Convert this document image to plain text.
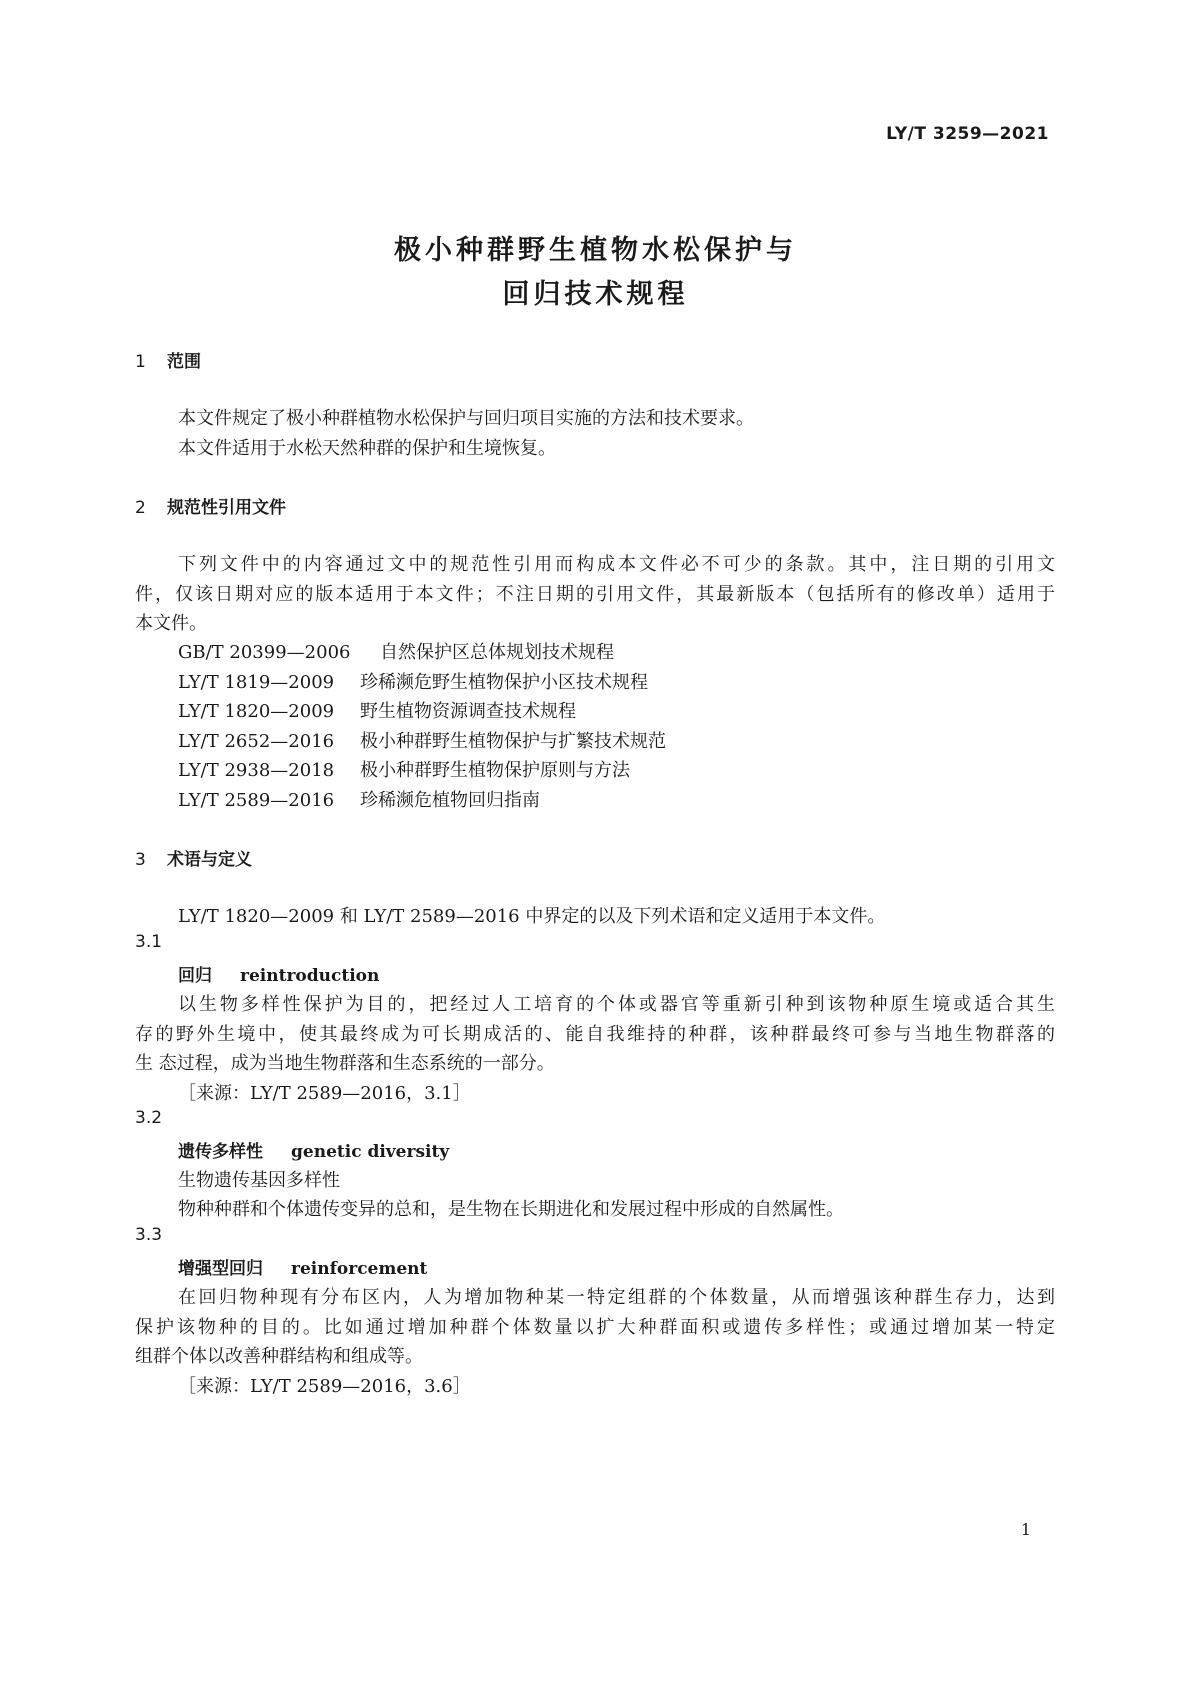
LY/T 3259—2021
极小种群野生植物水松保护与
回归技术规程
1 范围
本文件规定了极小种群植物水松保护与回归项目实施的方法和技术要求。
本文件适用于水松天然种群的保护和生境恢复。
2 规范性引用文件
下列文件中的内容通过文中的规范性引用而构成本文件必不可少的条款。其中，注日期的引用文
件，仅该日期对应的版本适用于本文件；不注日期的引用文件，其最新版本（包括所有的修改单）适用于
本文件。
GB/T 20399—2006 自然保护区总体规划技术规程
LY/T 1819—2009 珍稀濒危野生植物保护小区技术规程
LY/T 1820—2009 野生植物资源调查技术规程
LY/T 2652—2016 极小种群野生植物保护与扩繁技术规范
LY/T 2938—2018 极小种群野生植物保护原则与方法
LY/T 2589—2016 珍稀濒危植物回归指南
3 术语与定义
LY/T 1820—2009 和 LY/T 2589—2016 中界定的以及下列术语和定义适用于本文件。
3.1
回归 reintroduction
以生物多样性保护为目的，把经过人工培育的个体或器官等重新引种到该物种原生境或适合其生
存的野外生境中，使其最终成为可长期成活的、能自我维持的种群，该种群最终可参与当地生物群落的
生 态过程，成为当地生物群落和生态系统的一部分。
［来源：LY/T 2589—2016，3.1］
3.2
遗传多样性 genetic diversity
生物遗传基因多样性
物种种群和个体遗传变异的总和，是生物在长期进化和发展过程中形成的自然属性。
3.3
增强型回归 reinforcement
在回归物种现有分布区内，人为增加物种某一特定组群的个体数量，从而增强该种群生存力，达到
保护该物种的目的。比如通过增加种群个体数量以扩大种群面积或遗传多样性；或通过增加某一特定
组群个体以改善种群结构和组成等。
［来源：LY/T 2589—2016，3.6］
1
